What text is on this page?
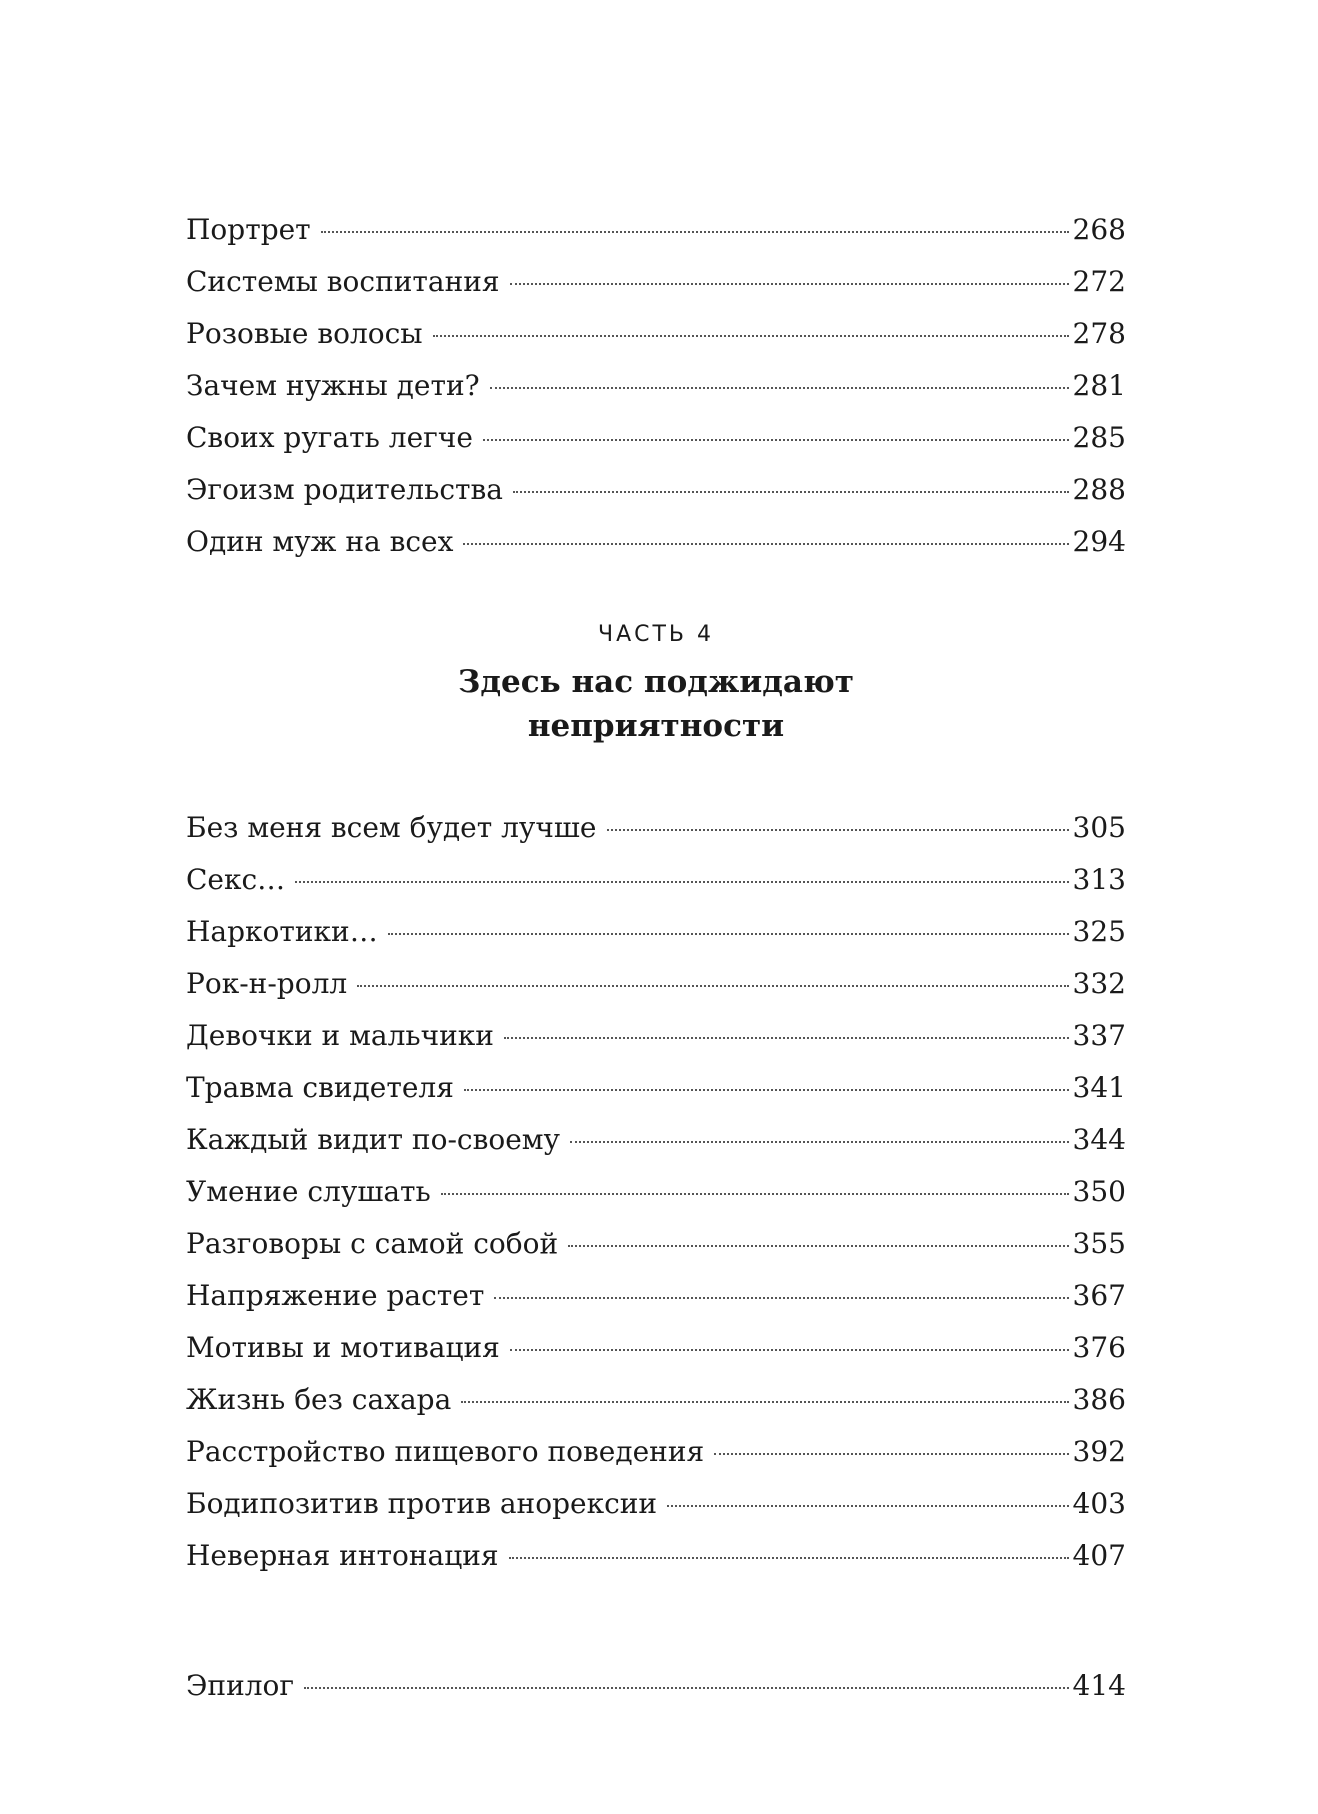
Портрет	268
Системы воспитания	272
Розовые волосы	278
Зачем нужны дети?	281
Своих ругать легче	285
Эгоизм родительства	288
Один муж на всех	294
ЧАСТЬ 4
Здесь нас поджидают
неприятности
Без меня всем будет лучше	305
Секс…	313
Наркотики…	325
Рок-н-ролл	332
Девочки и мальчики	337
Травма свидетеля	341
Каждый видит по-своему	344
Умение слушать	350
Разговоры с самой собой	355
Напряжение растет	367
Мотивы и мотивация	376
Жизнь без сахара	386
Расстройство пищевого поведения	392
Бодипозитив против анорексии	403
Неверная интонация	407
Эпилог	414
